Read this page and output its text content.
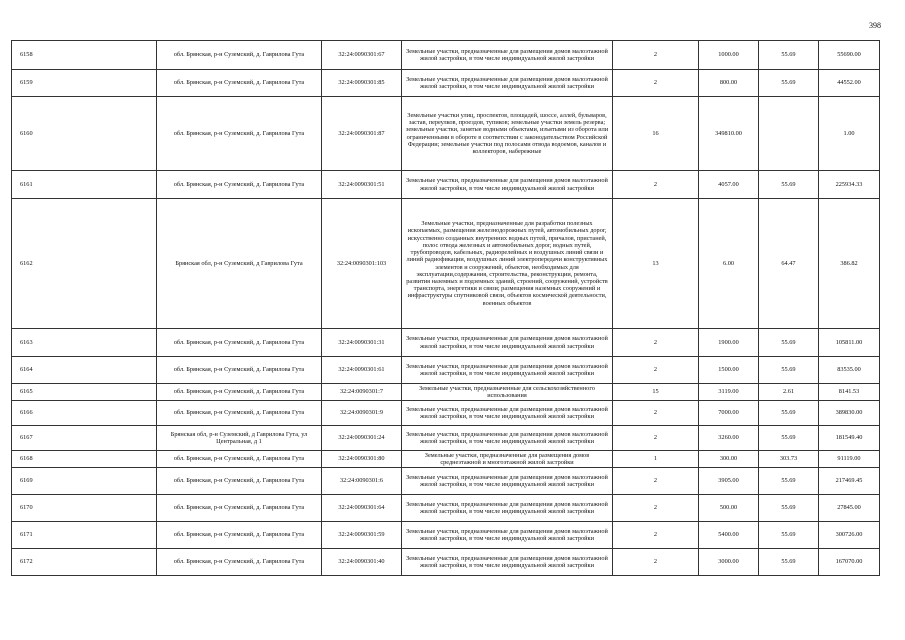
398
6158	обл. Брянская, р-н Суземский, д. Гавриловa Гута	32:24:0090301:67	Земельные участки, предназначенные для размещения домов малоэтажной жилой застройки, в том числе индивидуальной жилой застройки	2	1000.00	55.69	55690.00
6159	обл. Брянская, р-н Суземский, д. Гавриловa Гута	32:24:0090301:85	Земельные участки, предназначенные для размещения домов малоэтажной жилой застройки, в том числе индивидуальной жилой застройки	2	800.00	55.69	44552.00
6160	обл. Брянская, р-н Суземский, д. Гавриловa Гута	32:24:0090301:87	Земельные участки улиц, проспектов, площадей, шоссе, аллей, бульваров, застав, переулков, проездов, тупиков; земельные участки земель резерва; земельные участки, занятые водными объектами, изъятыми из оборота или ограниченными в обороте в соответствии с законодательством Российской Федерации; земельные участки под полосами отвода водоемов, каналов и коллекторов, набережные	16	349810.00		1.00
6161	обл. Брянская, р-н Суземский, д. Гавриловa Гута	32:24:0090301:51	Земельные участки, предназначенные для размещения домов малоэтажной жилой застройки, в том числе индивидуальной жилой застройки	2	4057.00	55.69	225934.33
6162	Брянская обл, р-н Суземский, д Гавриловa Гута	32:24:0090301:103	Земельные участки, предназначенные для разработки полезных ископаемых, размещения железнодорожных путей, автомобильных дорог, искусственно созданных внутренних водных путей, причалов, пристаней, полос отвода железных и автомобильных дорог, водных путей, трубопроводов, кабельных, радиорелейных и воздушных линий связи и линий радиофикации, воздушных линий электропередачи конструктивных элементов и сооружений, объектов, необходимых для эксплуатации,содержания, строительства, реконструкции, ремонта, развития наземных и подземных зданий, строений, сооружений, устройств транспорта, энергетики и связи; размещения наземных сооружений и инфраструктуры спутниковой связи, объектов космической деятельности, военных объектов	13	6.00	64.47	386.82
6163	обл. Брянская, р-н Суземский, д. Гавриловa Гута	32:24:0090301:31	Земельные участки, предназначенные для размещения домов малоэтажной жилой застройки, в том числе индивидуальной жилой застройки	2	1900.00	55.69	105811.00
6164	обл. Брянская, р-н Суземский, д. Гавриловa Гута	32:24:0090301:61	Земельные участки, предназначенные для размещения домов малоэтажной жилой застройки, в том числе индивидуальной жилой застройки	2	1500.00	55.69	83535.00
6165	обл. Брянская, р-н Суземский, д. Гавриловa Гута	32:24:0090301:7	Земельные участки, предназначенные для сельскохозяйственного использования	15	3119.00	2.61	8141.53
6166	обл. Брянская, р-н Суземский, д. Гавриловa Гута	32:24:0090301:9	Земельные участки, предназначенные для размещения домов малоэтажной жилой застройки, в том числе индивидуальной жилой застройки	2	7000.00	55.69	389830.00
6167	Брянская обл, р-н Суземский, д Гавриловa Гута, ул Центральная, д 1	32:24:0090301:24	Земельные участки, предназначенные для размещения домов малоэтажной жилой застройки, в том числе индивидуальной жилой застройки	2	3260.00	55.69	181549.40
6168	обл. Брянская, р-н Суземский, д. Гавриловa Гута	32:24:0090301:80	Земельные участки, предназначенные для размещения домов среднеэтажной и многоэтажной жилой застройки	1	300.00	303.73	91119.00
6169	обл. Брянская, р-н Суземский, д. Гавриловa Гута	32:24:0090301:6	Земельные участки, предназначенные для размещения домов малоэтажной жилой застройки, в том числе индивидуальной жилой застройки	2	3905.00	55.69	217469.45
6170	обл. Брянская, р-н Суземский, д. Гавриловa Гута	32:24:0090301:64	Земельные участки, предназначенные для размещения домов малоэтажной жилой застройки, в том числе индивидуальной жилой застройки	2	500.00	55.69	27845.00
6171	обл. Брянская, р-н Суземский, д. Гавриловa Гута	32:24:0090301:59	Земельные участки, предназначенные для размещения домов малоэтажной жилой застройки, в том числе индивидуальной жилой застройки	2	5400.00	55.69	300726.00
6172	обл. Брянская, р-н Суземский, д. Гавриловa Гута	32:24:0090301:40	Земельные участки, предназначенные для размещения домов малоэтажной жилой застройки, в том числе индивидуальной жилой застройки	2	3000.00	55.69	167070.00
